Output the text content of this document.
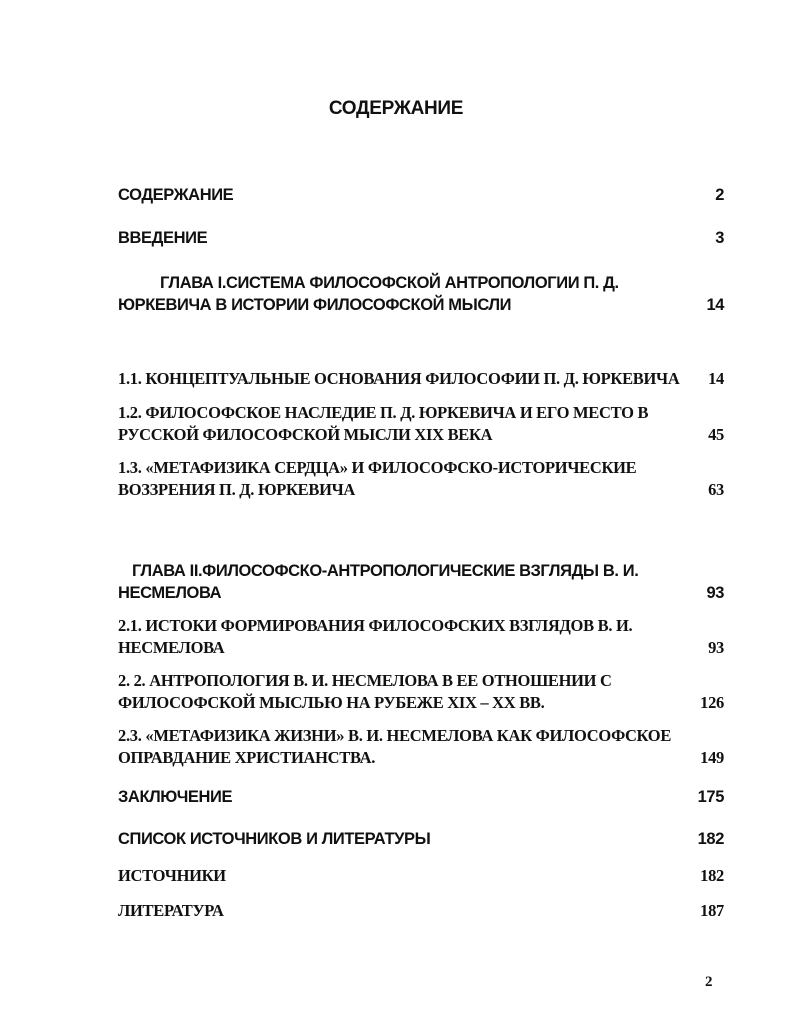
СОДЕРЖАНИЕ
СОДЕРЖАНИЕ	2
ВВЕДЕНИЕ	3
ГЛАВА I.СИСТЕМА ФИЛОСОФСКОЙ АНТРОПОЛОГИИ П. Д.
ЮРКЕВИЧА В ИСТОРИИ ФИЛОСОФСКОЙ МЫСЛИ	14
1.1. КОНЦЕПТУАЛЬНЫЕ ОСНОВАНИЯ ФИЛОСОФИИ П. Д. ЮРКЕВИЧА 14
1.2. ФИЛОСОФСКОЕ НАСЛЕДИЕ П. Д. ЮРКЕВИЧА И ЕГО МЕСТО В
РУССКОЙ ФИЛОСОФСКОЙ МЫСЛИ XIX ВЕКА	45
1.3. «МЕТАФИЗИКА СЕРДЦА» И ФИЛОСОФСКО-ИСТОРИЧЕСКИЕ
ВОЗЗРЕНИЯ П. Д. ЮРКЕВИЧА	63
ГЛАВА II.ФИЛОСОФСКО-АНТРОПОЛОГИЧЕСКИЕ ВЗГЛЯДЫ В. И.
НЕСМЕЛОВА	93
2.1. ИСТОКИ ФОРМИРОВАНИЯ ФИЛОСОФСКИХ ВЗГЛЯДОВ В. И.
НЕСМЕЛОВА	93
2. 2. АНТРОПОЛОГИЯ В. И. НЕСМЕЛОВА В ЕЕ ОТНОШЕНИИ С
ФИЛОСОФСКОЙ МЫСЛЬЮ НА РУБЕЖЕ XIX – XX ВВ.	126
2.3. «МЕТАФИЗИКА ЖИЗНИ» В. И. НЕСМЕЛОВА КАК ФИЛОСОФСКОЕ
ОПРАВДАНИЕ ХРИСТИАНСТВА.	149
ЗАКЛЮЧЕНИЕ	175
СПИСОК ИСТОЧНИКОВ И ЛИТЕРАТУРЫ	182
ИСТОЧНИКИ	182
ЛИТЕРАТУРА	187
2
